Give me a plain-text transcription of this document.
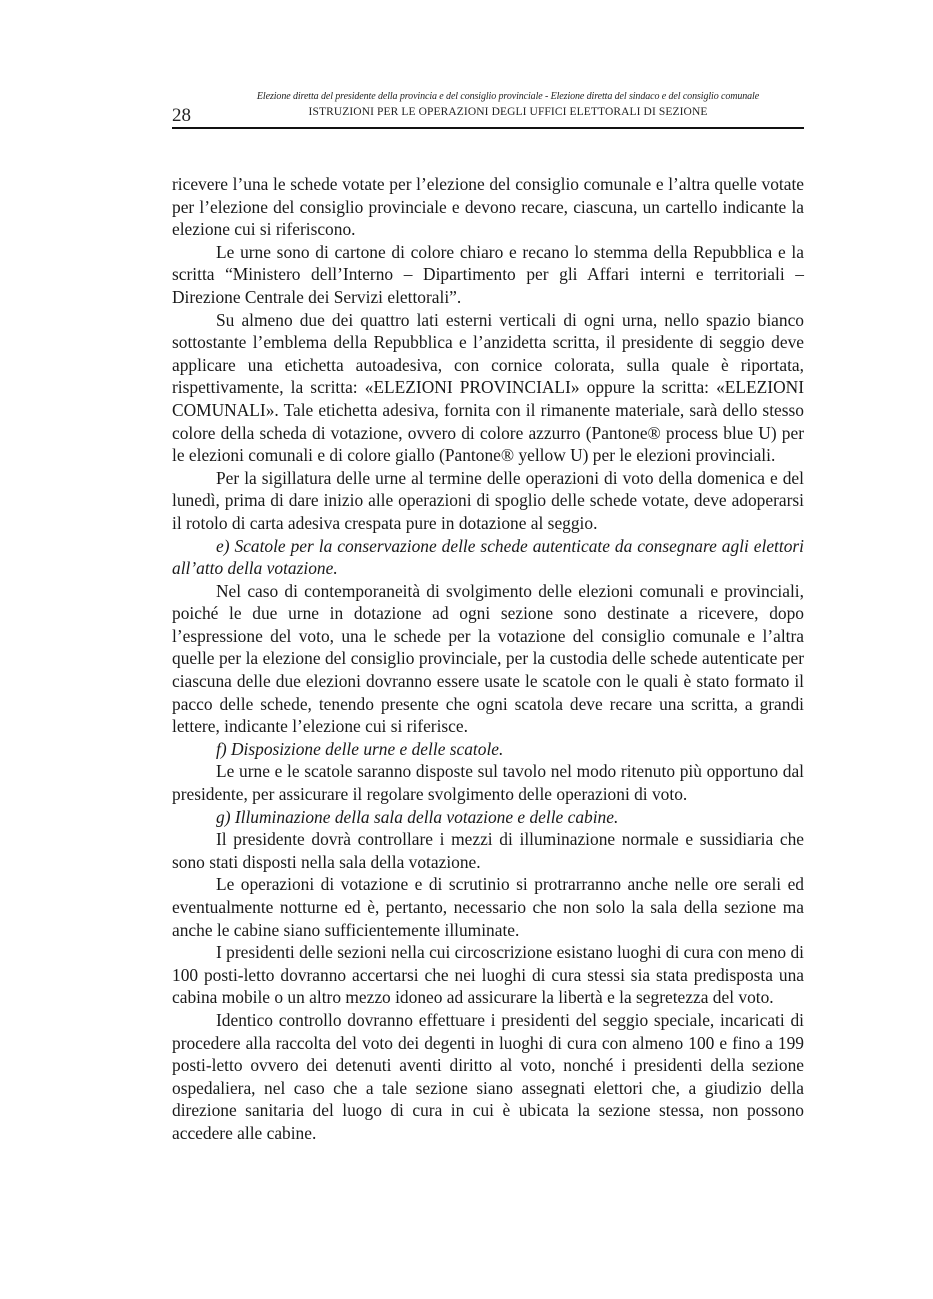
28
Elezione diretta del presidente della provincia e del consiglio provinciale - Elezione diretta del sindaco e del consiglio comunale
ISTRUZIONI PER LE OPERAZIONI DEGLI UFFICI ELETTORALI DI SEZIONE

ricevere l’una le schede votate per l’elezione del consiglio comunale e l’altra quelle votate per l’elezione del consiglio provinciale e devono recare, ciascuna, un cartello indicante la elezione cui si riferiscono.

Le urne sono di cartone di colore chiaro e recano lo stemma della Repubblica e la scritta “Ministero dell’Interno – Dipartimento per gli Affari interni e territoriali – Direzione Centrale dei Servizi elettorali”.

Su almeno due dei quattro lati esterni verticali di ogni urna, nello spazio bianco sottostante l’emblema della Repubblica e l’anzidetta scritta, il presidente di seggio deve applicare una etichetta autoadesiva, con cornice colorata, sulla quale è riportata, rispettivamente, la scritta: «ELEZIONI PROVINCIALI» oppure la scritta: «ELEZIONI COMUNALI». Tale etichetta adesiva, fornita con il rimanente materiale, sarà dello stesso colore della scheda di votazione, ovvero di colore azzurro (Pantone® process blue U) per le elezioni comunali e di colore giallo (Pantone® yellow U) per le elezioni provinciali.

Per la sigillatura delle urne al termine delle operazioni di voto della domenica e del lunedì, prima di dare inizio alle operazioni di spoglio delle schede votate, deve adoperarsi il rotolo di carta adesiva crespata pure in dotazione al seggio.

e) Scatole per la conservazione delle schede autenticate da consegnare agli elettori all’atto della votazione.

Nel caso di contemporaneità di svolgimento delle elezioni comunali e provinciali, poiché le due urne in dotazione ad ogni sezione sono destinate a ricevere, dopo l’espressione del voto, una le schede per la votazione del consiglio comunale e l’altra quelle per la elezione del consiglio provinciale, per la custodia delle schede autenticate per ciascuna delle due elezioni dovranno essere usate le scatole con le quali è stato formato il pacco delle schede, tenendo presente che ogni scatola deve recare una scritta, a grandi lettere, indicante l’elezione cui si riferisce.

f) Disposizione delle urne e delle scatole.

Le urne e le scatole saranno disposte sul tavolo nel modo ritenuto più opportuno dal presidente, per assicurare il regolare svolgimento delle operazioni di voto.

g) Illuminazione della sala della votazione e delle cabine.

Il presidente dovrà controllare i mezzi di illuminazione normale e sussidiaria che sono stati disposti nella sala della votazione.

Le operazioni di votazione e di scrutinio si protrarranno anche nelle ore serali ed eventualmente notturne ed è, pertanto, necessario che non solo la sala della sezione ma anche le cabine siano sufficientemente illuminate.

I presidenti delle sezioni nella cui circoscrizione esistano luoghi di cura con meno di 100 posti-letto dovranno accertarsi che nei luoghi di cura stessi sia stata predisposta una cabina mobile o un altro mezzo idoneo ad assicurare la libertà e la segretezza del voto.

Identico controllo dovranno effettuare i presidenti del seggio speciale, incaricati di procedere alla raccolta del voto dei degenti in luoghi di cura con almeno 100 e fino a 199 posti-letto ovvero dei detenuti aventi diritto al voto, nonché i presidenti della sezione ospedaliera, nel caso che a tale sezione siano assegnati elettori che, a giudizio della direzione sanitaria del luogo di cura in cui è ubicata la sezione stessa, non possono accedere alle cabine.
